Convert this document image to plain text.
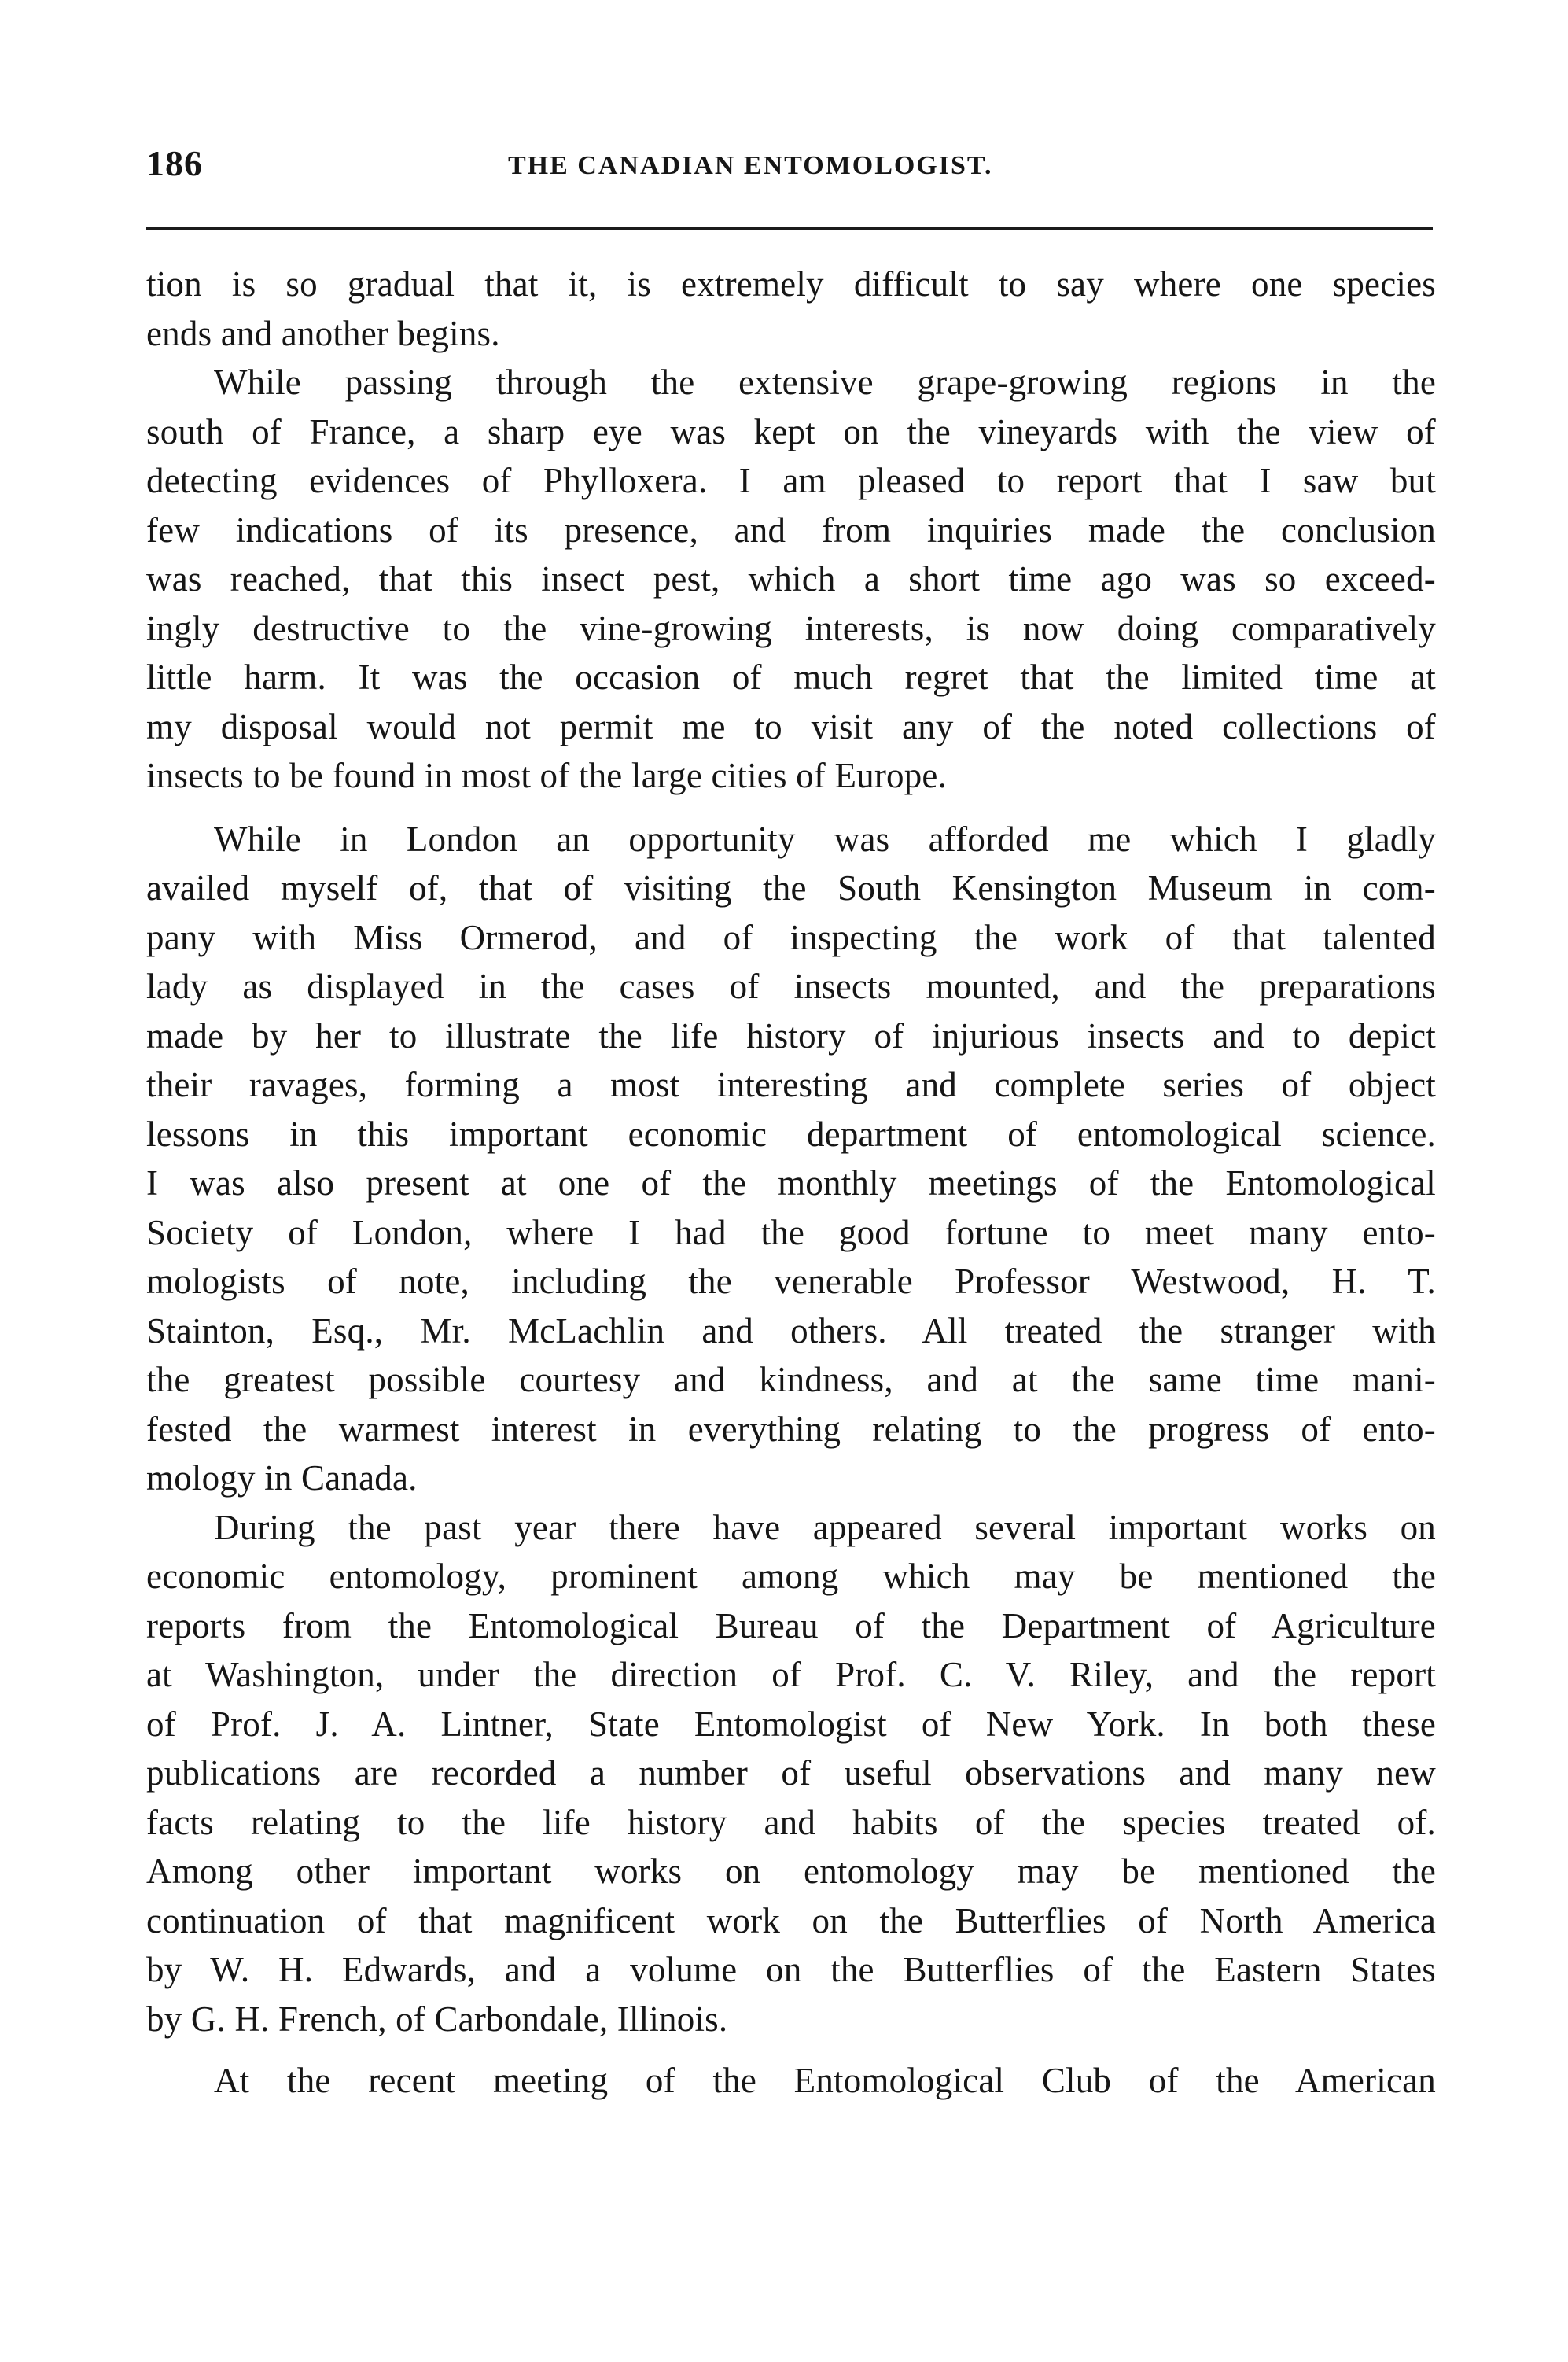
186	THE CANADIAN ENTOMOLOGIST.
tion is so gradual that it, is extremely difficult to say where one species
ends and another begins.
While passing through the extensive grape-growing regions in the
south of France, a sharp eye was kept on the vineyards with the view of
detecting evidences of Phylloxera. I am pleased to report that I saw but
few indications of its presence, and from inquiries made the conclusion
was reached, that this insect pest, which a short time ago was so exceed-
ingly destructive to the vine-growing interests, is now doing comparatively
little harm. It was the occasion of much regret that the limited time at
my disposal would not permit me to visit any of the noted collections of
insects to be found in most of the large cities of Europe.
While in London an opportunity was afforded me which I gladly
availed myself of, that of visiting the South Kensington Museum in com-
pany with Miss Ormerod, and of inspecting the work of that talented
lady as displayed in the cases of insects mounted, and the preparations
made by her to illustrate the life history of injurious insects and to depict
their ravages, forming a most interesting and complete series of object
lessons in this important economic department of entomological science.
I was also present at one of the monthly meetings of the Entomological
Society of London, where I had the good fortune to meet many ento-
mologists of note, including the venerable Professor Westwood, H. T.
Stainton, Esq., Mr. McLachlin and others. All treated the stranger with
the greatest possible courtesy and kindness, and at the same time mani-
fested the warmest interest in everything relating to the progress of ento-
mology in Canada.
During the past year there have appeared several important works on
economic entomology, prominent among which may be mentioned the
reports from the Entomological Bureau of the Department of Agriculture
at Washington, under the direction of Prof. C. V. Riley, and the report
of Prof. J. A. Lintner, State Entomologist of New York. In both these
publications are recorded a number of useful observations and many new
facts relating to the life history and habits of the species treated of.
Among other important works on entomology may be mentioned the
continuation of that magnificent work on the Butterflies of North America
by W. H. Edwards, and a volume on the Butterflies of the Eastern States
by G. H. French, of Carbondale, Illinois.
At the recent meeting of the Entomological Club of the American
